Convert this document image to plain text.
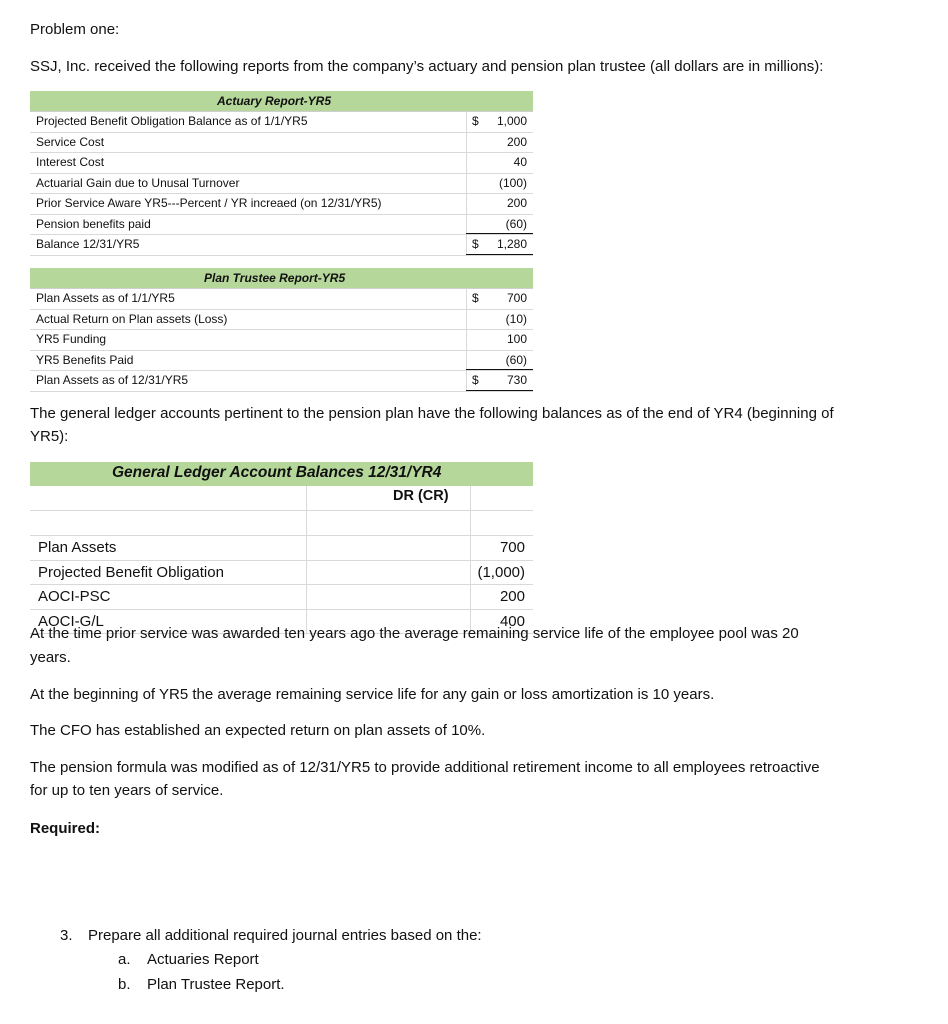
Problem one:

SSJ, Inc. received the following reports from the company’s actuary and pension plan trustee (all dollars are in millions):

Actuary Report-YR5
Projected Benefit Obligation Balance as of 1/1/YR5	$ 1,000
Service Cost	200
Interest Cost	40
Actuarial Gain due to Unusal Turnover	(100)
Prior Service Aware YR5---Percent / YR increaed (on 12/31/YR5)	200
Pension benefits paid	(60)
Balance 12/31/YR5	$ 1,280
Plan Trustee Report-YR5
Plan Assets as of 1/1/YR5	$ 700
Actual Return on Plan assets (Loss)	(10)
YR5 Funding	100
YR5 Benefits Paid	(60)
Plan Assets as of 12/31/YR5	$ 730

The general ledger accounts pertinent to the pension plan have the following balances as of the end of YR4 (beginning of

YR5):

General Ledger Account Balances 12/31/YR4
DR (CR)
Plan Assets	700
Projected Benefit Obligation	(1,000)
AOCI-PSC	200
AOCI-G/L	400

At the time prior service was awarded ten years ago the average remaining service life of the employee pool was 20

years.

At the beginning of YR5 the average remaining service life for any gain or loss amortization is 10 years.

The CFO has established an expected return on plan assets of 10%.

The pension formula was modified as of 12/31/YR5 to provide additional retirement income to all employees retroactive

for up to ten years of service.

Required:

3. Prepare all additional required journal entries based on the:
a. Actuaries Report
b. Plan Trustee Report.
